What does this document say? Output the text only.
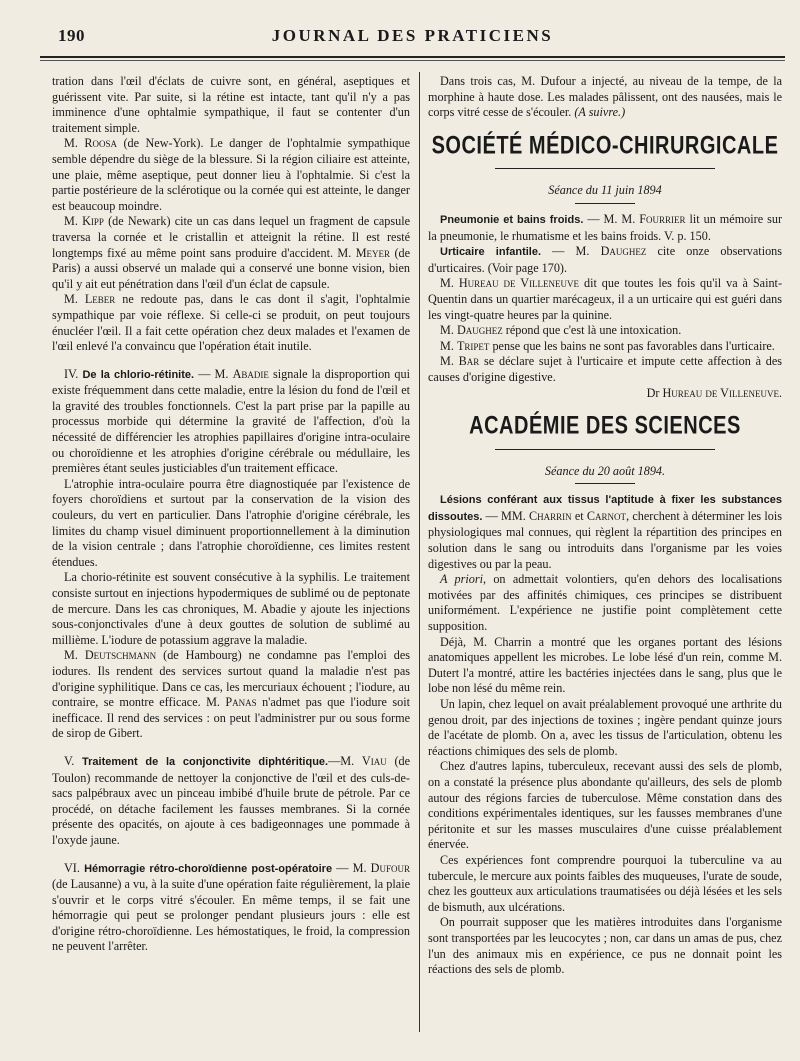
190	JOURNAL DES PRATICIENS

tration dans l'œil d'éclats de cuivre sont, en général, aseptiques et guérissent vite. Par suite, si la rétine est intacte, tant qu'il n'y a pas imminence d'une ophtalmie sympathique, il faut se contenter d'un traitement simple.

M. Roosa (de New-York). Le danger de l'ophtalmie sympathique semble dépendre du siège de la blessure. Si la région ciliaire est atteinte, une plaie, même aseptique, peut donner lieu à l'ophtalmie. Si c'est la partie postérieure de la sclérotique ou la cornée qui est atteinte, le danger est beaucoup moindre.

M. Kipp (de Newark) cite un cas dans lequel un fragment de capsule traversa la cornée et le cristallin et atteignit la rétine. Il est resté longtemps fixé au même point sans produire d'accident. M. Meyer (de Paris) a aussi observé un malade qui a conservé une bonne vision, bien qu'il y ait eut pénétration dans l'œil d'un éclat de capsule.

M. Leber ne redoute pas, dans le cas dont il s'agit, l'ophtalmie sympathique par voie réflexe. Si celle-ci se produit, on peut toujours énucléer l'œil. Il a fait cette opération chez deux malades et l'examen de l'œil enlevé l'a convaincu que l'opération était inutile.

IV. De la chlorio-rétinite. — M. Abadie signale la disproportion qui existe fréquemment dans cette maladie, entre la lésion du fond de l'œil et la gravité des troubles fonctionnels. C'est la part prise par la papille au processus morbide qui détermine la gravité de l'affection, d'où la nécessité de différencier les atrophies papillaires d'origine intra-oculaire ou choroïdienne et les atrophies d'origine cérébrale ou médullaire, les premières étant seules justiciables d'un traitement efficace.

L'atrophie intra-oculaire pourra être diagnostiquée par l'existence de foyers choroïdiens et surtout par la conservation de la vision des couleurs, du vert en particulier. Dans l'atrophie d'origine cérébrale, les limites du champ visuel diminuent proportionnellement à la diminution de la vision centrale ; dans l'atrophie choroïdienne, ces limites restent étendues.

La chorio-rétinite est souvent consécutive à la syphilis. Le traitement consiste surtout en injections hypodermiques de sublimé ou de peptonate de mercure. Dans les cas chroniques, M. Abadie y ajoute les injections sous-conjonctivales d'une à deux gouttes de solution de sublimé au millième. L'iodure de potassium aggrave la maladie.

M. Deutschmann (de Hambourg) ne condamne pas l'emploi des iodures. Ils rendent des services surtout quand la maladie n'est pas d'origine syphilitique. Dans ce cas, les mercuriaux échouent ; l'iodure, au contraire, se montre efficace. M. Panas n'admet pas que l'iodure soit inefficace. Il rend des services : on peut l'administrer pur ou sous forme de sirop de Gibert.

V. Traitement de la conjonctivite diphtéritique.—M. Viau (de Toulon) recommande de nettoyer la conjonctive de l'œil et des culs-de-sacs palpébraux avec un pinceau imbibé d'huile brute de pétrole. Par ce procédé, on détache facilement les fausses membranes. Si la cornée présente des opacités, on ajoute à ces badigeonnages une pommade à l'oxyde jaune.

VI. Hémorragie rétro-choroïdienne post-opératoire — M. Dufour (de Lausanne) a vu, à la suite d'une opération faite régulièrement, la plaie s'ouvrir et le corps vitré s'écouler. En même temps, il se fait une hémorragie qui peut se prolonger pendant plusieurs jours : elle est d'origine rétro-choroïdienne. Les hémostatiques, le froid, la compression ne peuvent l'arrêter.

Dans trois cas, M. Dufour a injecté, au niveau de la tempe, de la morphine à haute dose. Les malades pâlissent, ont des nausées, mais le corps vitré cesse de s'écouler. (A suivre.)

SOCIÉTÉ MÉDICO-CHIRURGICALE
Séance du 11 juin 1894

Pneumonie et bains froids. — M. M. Fourrier lit un mémoire sur la pneumonie, le rhumatisme et les bains froids. V. p. 150.

Urticaire infantile. — M. Daughez cite onze observations d'urticaires. (Voir page 170).

M. Hureau de Villeneuve dit que toutes les fois qu'il va à Saint-Quentin dans un quartier marécageux, il a un urticaire qui est guéri dans les vingt-quatre heures par la quinine.

M. Daughez répond que c'est là une intoxication.

M. Tripet pense que les bains ne sont pas favorables dans l'urticaire.

M. Bar se déclare sujet à l'urticaire et impute cette affection à des causes d'origine digestive.

Dr Hureau de Villeneuve.

ACADÉMIE DES SCIENCES
Séance du 20 août 1894.

Lésions conférant aux tissus l'aptitude à fixer les substances dissoutes. — MM. Charrin et Carnot, cherchent à déterminer les lois physiologiques mal connues, qui règlent la répartition des principes en solution dans le sang ou introduits dans l'organisme par les voies digestives ou par la peau.

A priori, on admettait volontiers, qu'en dehors des localisations motivées par des affinités chimiques, ces principes se distribuent uniformément. L'expérience ne justifie point complètement cette supposition.

Déjà, M. Charrin a montré que les organes portant des lésions anatomiques appellent les microbes. Le lobe lésé d'un rein, comme M. Dutert l'a montré, attire les bactéries injectées dans le sang, plus que le lobe non lésé du même rein.

Un lapin, chez lequel on avait préalablement provoqué une arthrite du genou droit, par des injections de toxines ; ingère pendant quinze jours de l'acétate de plomb. On a, avec les tissus de l'articulation, obtenu les réactions chimiques des sels de plomb.

Chez d'autres lapins, tuberculeux, recevant aussi des sels de plomb, on a constaté la présence plus abondante qu'ailleurs, des sels de plomb autour des régions farcies de tuberculose. Même constation dans des conditions expérimentales identiques, sur les fausses membranes d'une péritonite et sur les masses musculaires d'une cuisse préalablement énervée.

Ces expériences font comprendre pourquoi la tuberculine va au tubercule, le mercure aux points faibles des muqueuses, l'urate de soude, chez les goutteux aux articulations traumatisées ou déjà lésées et les sels de bismuth, aux ulcérations.

On pourrait supposer que les matières introduites dans l'organisme sont transportées par les leucocytes ; non, car dans un amas de pus, chez l'un des animaux mis en expérience, ce pus ne donnait point les réactions des sels de plomb.
